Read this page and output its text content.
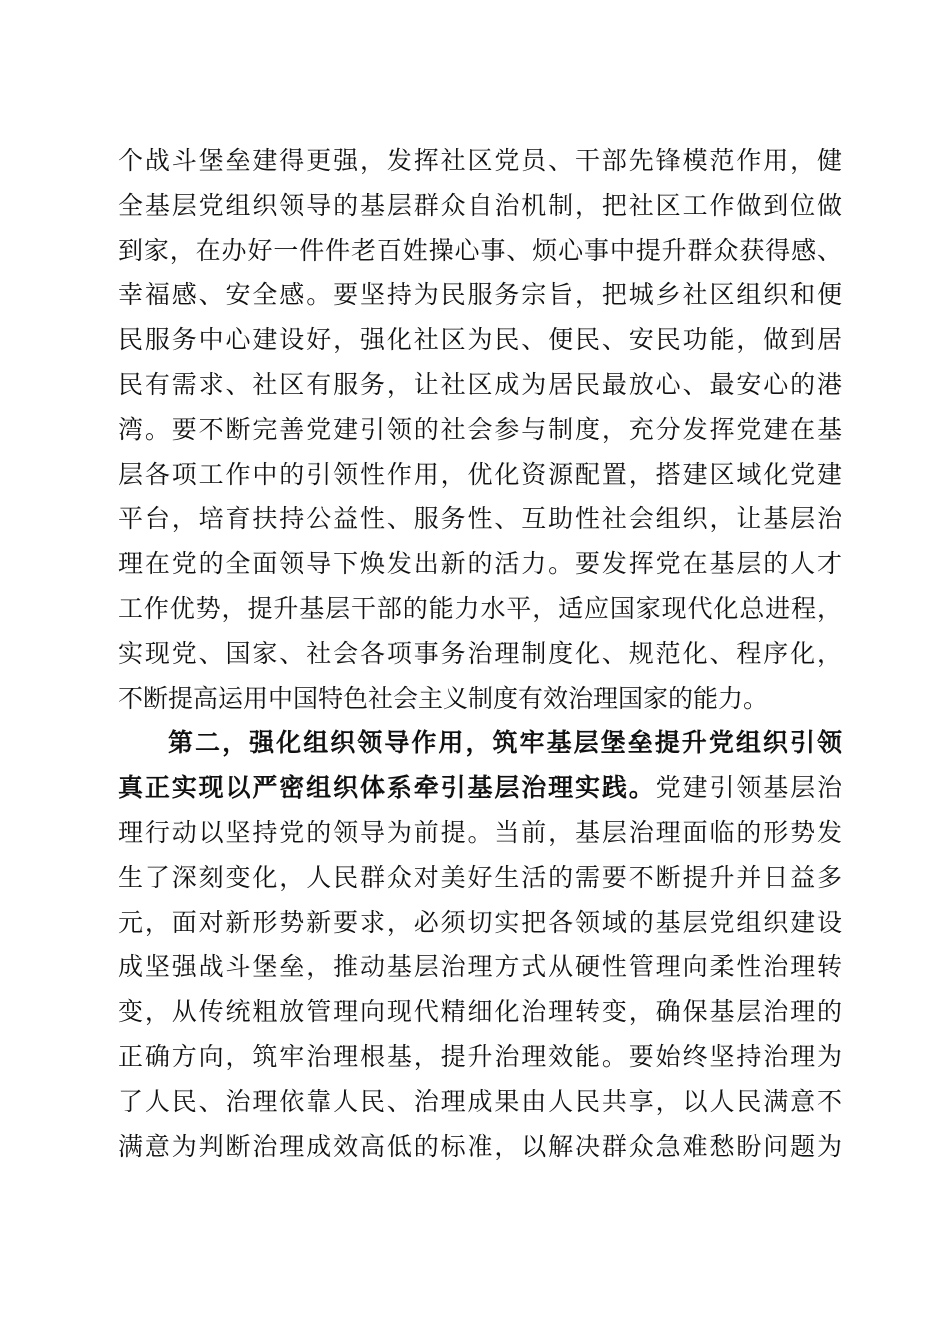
个战斗堡垒建得更强，发挥社区党员、干部先锋模范作用，健
全基层党组织领导的基层群众自治机制，把社区工作做到位做
到家，在办好一件件老百姓操心事、烦心事中提升群众获得感、
幸福感、安全感。要坚持为民服务宗旨，把城乡社区组织和便
民服务中心建设好，强化社区为民、便民、安民功能，做到居
民有需求、社区有服务，让社区成为居民最放心、最安心的港
湾。要不断完善党建引领的社会参与制度，充分发挥党建在基
层各项工作中的引领性作用，优化资源配置，搭建区域化党建
平台，培育扶持公益性、服务性、互助性社会组织，让基层治
理在党的全面领导下焕发出新的活力。要发挥党在基层的人才
工作优势，提升基层干部的能力水平，适应国家现代化总进程，
实现党、国家、社会各项事务治理制度化、规范化、程序化，
不断提高运用中国特色社会主义制度有效治理国家的能力。
第二，强化组织领导作用，筑牢基层堡垒提升党组织引领
真正实现以严密组织体系牵引基层治理实践。党建引领基层治
理行动以坚持党的领导为前提。当前，基层治理面临的形势发
生了深刻变化，人民群众对美好生活的需要不断提升并日益多
元，面对新形势新要求，必须切实把各领域的基层党组织建设
成坚强战斗堡垒，推动基层治理方式从硬性管理向柔性治理转
变，从传统粗放管理向现代精细化治理转变，确保基层治理的
正确方向，筑牢治理根基，提升治理效能。要始终坚持治理为
了人民、治理依靠人民、治理成果由人民共享，以人民满意不
满意为判断治理成效高低的标准，以解决群众急难愁盼问题为
